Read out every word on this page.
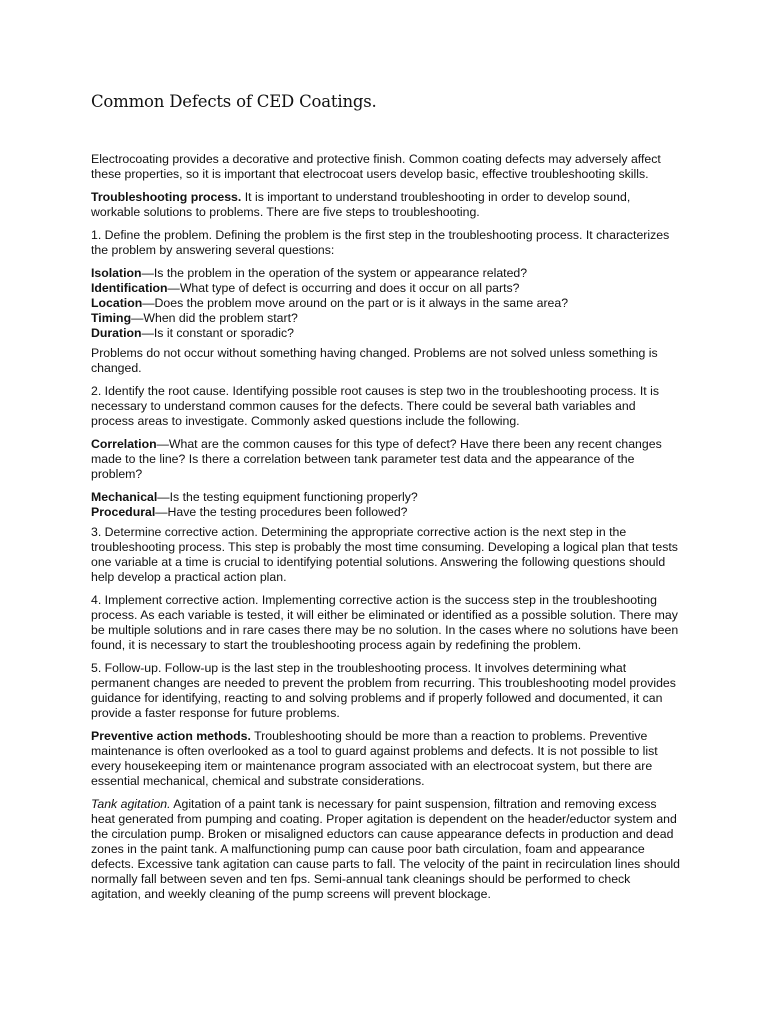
Common Defects of CED Coatings.

Electrocoating provides a decorative and protective finish. Common coating defects may adversely affect these properties, so it is important that electrocoat users develop basic, effective troubleshooting skills.

Troubleshooting process. It is important to understand troubleshooting in order to develop sound, workable solutions to problems. There are five steps to troubleshooting.

1. Define the problem. Defining the problem is the first step in the troubleshooting process. It characterizes the problem by answering several questions:

Isolation—Is the problem in the operation of the system or appearance related?
Identification—What type of defect is occurring and does it occur on all parts?
Location—Does the problem move around on the part or is it always in the same area?
Timing—When did the problem start?
Duration—Is it constant or sporadic?

Problems do not occur without something having changed. Problems are not solved unless something is changed.

2. Identify the root cause. Identifying possible root causes is step two in the troubleshooting process. It is necessary to understand common causes for the defects. There could be several bath variables and process areas to investigate. Commonly asked questions include the following.

Correlation—What are the common causes for this type of defect? Have there been any recent changes made to the line? Is there a correlation between tank parameter test data and the appearance of the problem?

Mechanical—Is the testing equipment functioning properly?
Procedural—Have the testing procedures been followed?

3. Determine corrective action. Determining the appropriate corrective action is the next step in the troubleshooting process. This step is probably the most time consuming. Developing a logical plan that tests one variable at a time is crucial to identifying potential solutions. Answering the following questions should help develop a practical action plan.

4. Implement corrective action. Implementing corrective action is the success step in the troubleshooting process. As each variable is tested, it will either be eliminated or identified as a possible solution. There may be multiple solutions and in rare cases there may be no solution. In the cases where no solutions have been found, it is necessary to start the troubleshooting process again by redefining the problem.

5. Follow-up. Follow-up is the last step in the troubleshooting process. It involves determining what permanent changes are needed to prevent the problem from recurring. This troubleshooting model provides guidance for identifying, reacting to and solving problems and if properly followed and documented, it can provide a faster response for future problems.

Preventive action methods. Troubleshooting should be more than a reaction to problems. Preventive maintenance is often overlooked as a tool to guard against problems and defects. It is not possible to list every housekeeping item or maintenance program associated with an electrocoat system, but there are essential mechanical, chemical and substrate considerations.

Tank agitation. Agitation of a paint tank is necessary for paint suspension, filtration and removing excess heat generated from pumping and coating. Proper agitation is dependent on the header/eductor system and the circulation pump. Broken or misaligned eductors can cause appearance defects in production and dead zones in the paint tank. A malfunctioning pump can cause poor bath circulation, foam and appearance defects. Excessive tank agitation can cause parts to fall. The velocity of the paint in recirculation lines should normally fall between seven and ten fps. Semi-annual tank cleanings should be performed to check agitation, and weekly cleaning of the pump screens will prevent blockage.
